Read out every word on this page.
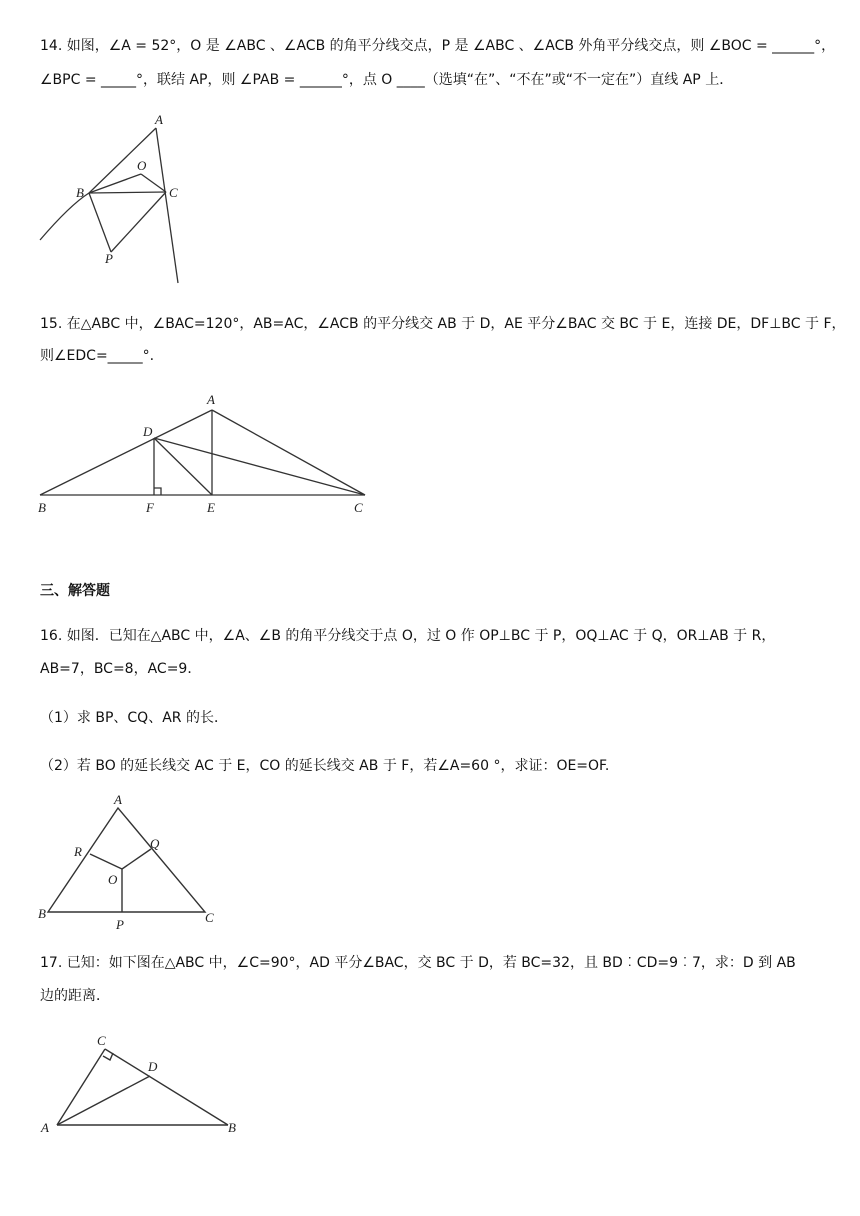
14. 如图，∠A = 52°，O 是 ∠ABC 、∠ACB 的角平分线交点，P 是 ∠ABC 、∠ACB 外角平分线交点，则 ∠BOC = ______°，
∠BPC = _____°，联结 AP，则 ∠PAB = ______°，点 O ____（选填“在”、“不在”或“不一定在”）直线 AP 上．
A
O
B	C
P
15. 在△ABC 中，∠BAC=120°，AB=AC，∠ACB 的平分线交 AB 于 D，AE 平分∠BAC 交 BC 于 E，连接 DE，DF⊥BC 于 F，
则∠EDC=_____°.
A
D
B	F	E	C
三、解答题
16. 如图．已知在△ABC 中，∠A、∠B 的角平分线交于点 O，过 O 作 OP⊥BC 于 P，OQ⊥AC 于 Q，OR⊥AB 于 R，
AB=7，BC=8，AC=9．
（1）求 BP、CQ、AR 的长．
（2）若 BO 的延长线交 AC 于 E，CO 的延长线交 AB 于 F，若∠A=60 °，求证：OE=OF.
A
R
Q
O
B
P	C
17. 已知：如下图在△ABC 中，∠C=90°，AD 平分∠BAC，交 BC 于 D，若 BC=32，且 BD︰CD=9︰7，求：D 到 AB
边的距离．
C
D
A	B
